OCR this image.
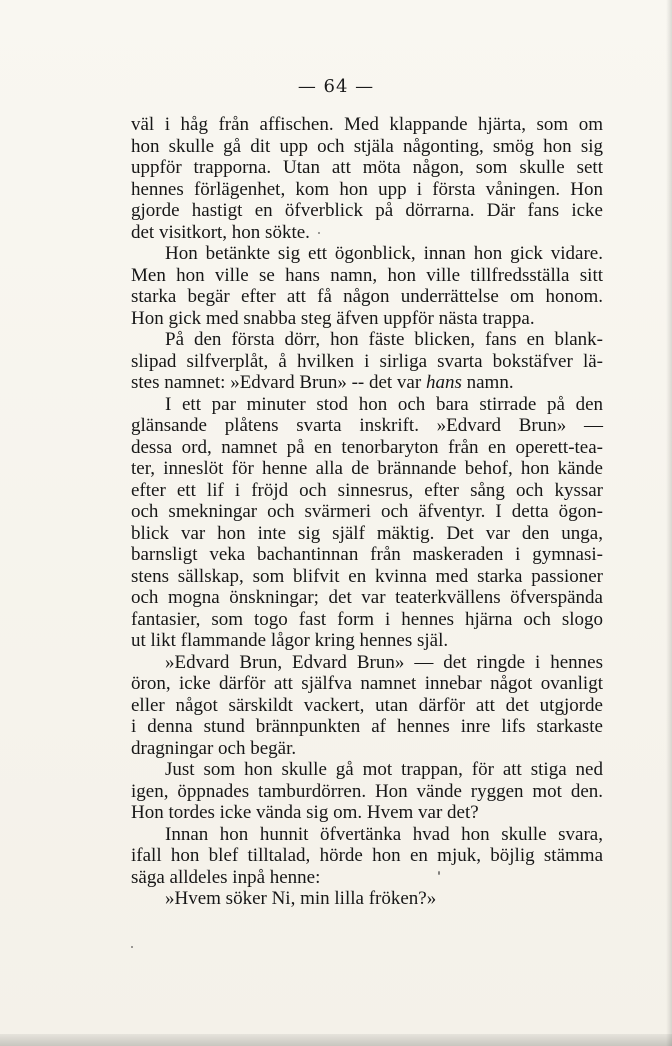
— 64 —
väl i håg från affischen. Med klappande hjärta, som om
hon skulle gå dit upp och stjäla någonting, smög hon sig
uppför trapporna. Utan att möta någon, som skulle sett
hennes förlägenhet, kom hon upp i första våningen. Hon
gjorde hastigt en öfverblick på dörrarna. Där fans icke
det visitkort, hon sökte.
Hon betänkte sig ett ögonblick, innan hon gick vidare.
Men hon ville se hans namn, hon ville tillfredsställa sitt
starka begär efter att få någon underrättelse om honom.
Hon gick med snabba steg äfven uppför nästa trappa.
På den första dörr, hon fäste blicken, fans en blank-
slipad silfverplåt, å hvilken i sirliga svarta bokstäfver lä-
stes namnet: »Edvard Brun» -- det var hans namn.
I ett par minuter stod hon och bara stirrade på den
glänsande plåtens svarta inskrift. »Edvard Brun» —
dessa ord, namnet på en tenorbaryton från en operett-tea-
ter, inneslöt för henne alla de brännande behof, hon kände
efter ett lif i fröjd och sinnesrus, efter sång och kyssar
och smekningar och svärmeri och äfventyr. I detta ögon-
blick var hon inte sig själf mäktig. Det var den unga,
barnsligt veka bachantinnan från maskeraden i gymnasi-
stens sällskap, som blifvit en kvinna med starka passioner
och mogna önskningar; det var teaterkvällens öfverspända
fantasier, som togo fast form i hennes hjärna och slogo
ut likt flammande lågor kring hennes själ.
»Edvard Brun, Edvard Brun» — det ringde i hennes
öron, icke därför att själfva namnet innebar något ovanligt
eller något särskildt vackert, utan därför att det utgjorde
i denna stund brännpunkten af hennes inre lifs starkaste
dragningar och begär.
Just som hon skulle gå mot trappan, för att stiga ned
igen, öppnades tamburdörren. Hon vände ryggen mot den.
Hon tordes icke vända sig om. Hvem var det?
Innan hon hunnit öfvertänka hvad hon skulle svara,
ifall hon blef tilltalad, hörde hon en mjuk, böjlig stämma
säga alldeles inpå henne:
»Hvem söker Ni, min lilla fröken?»
